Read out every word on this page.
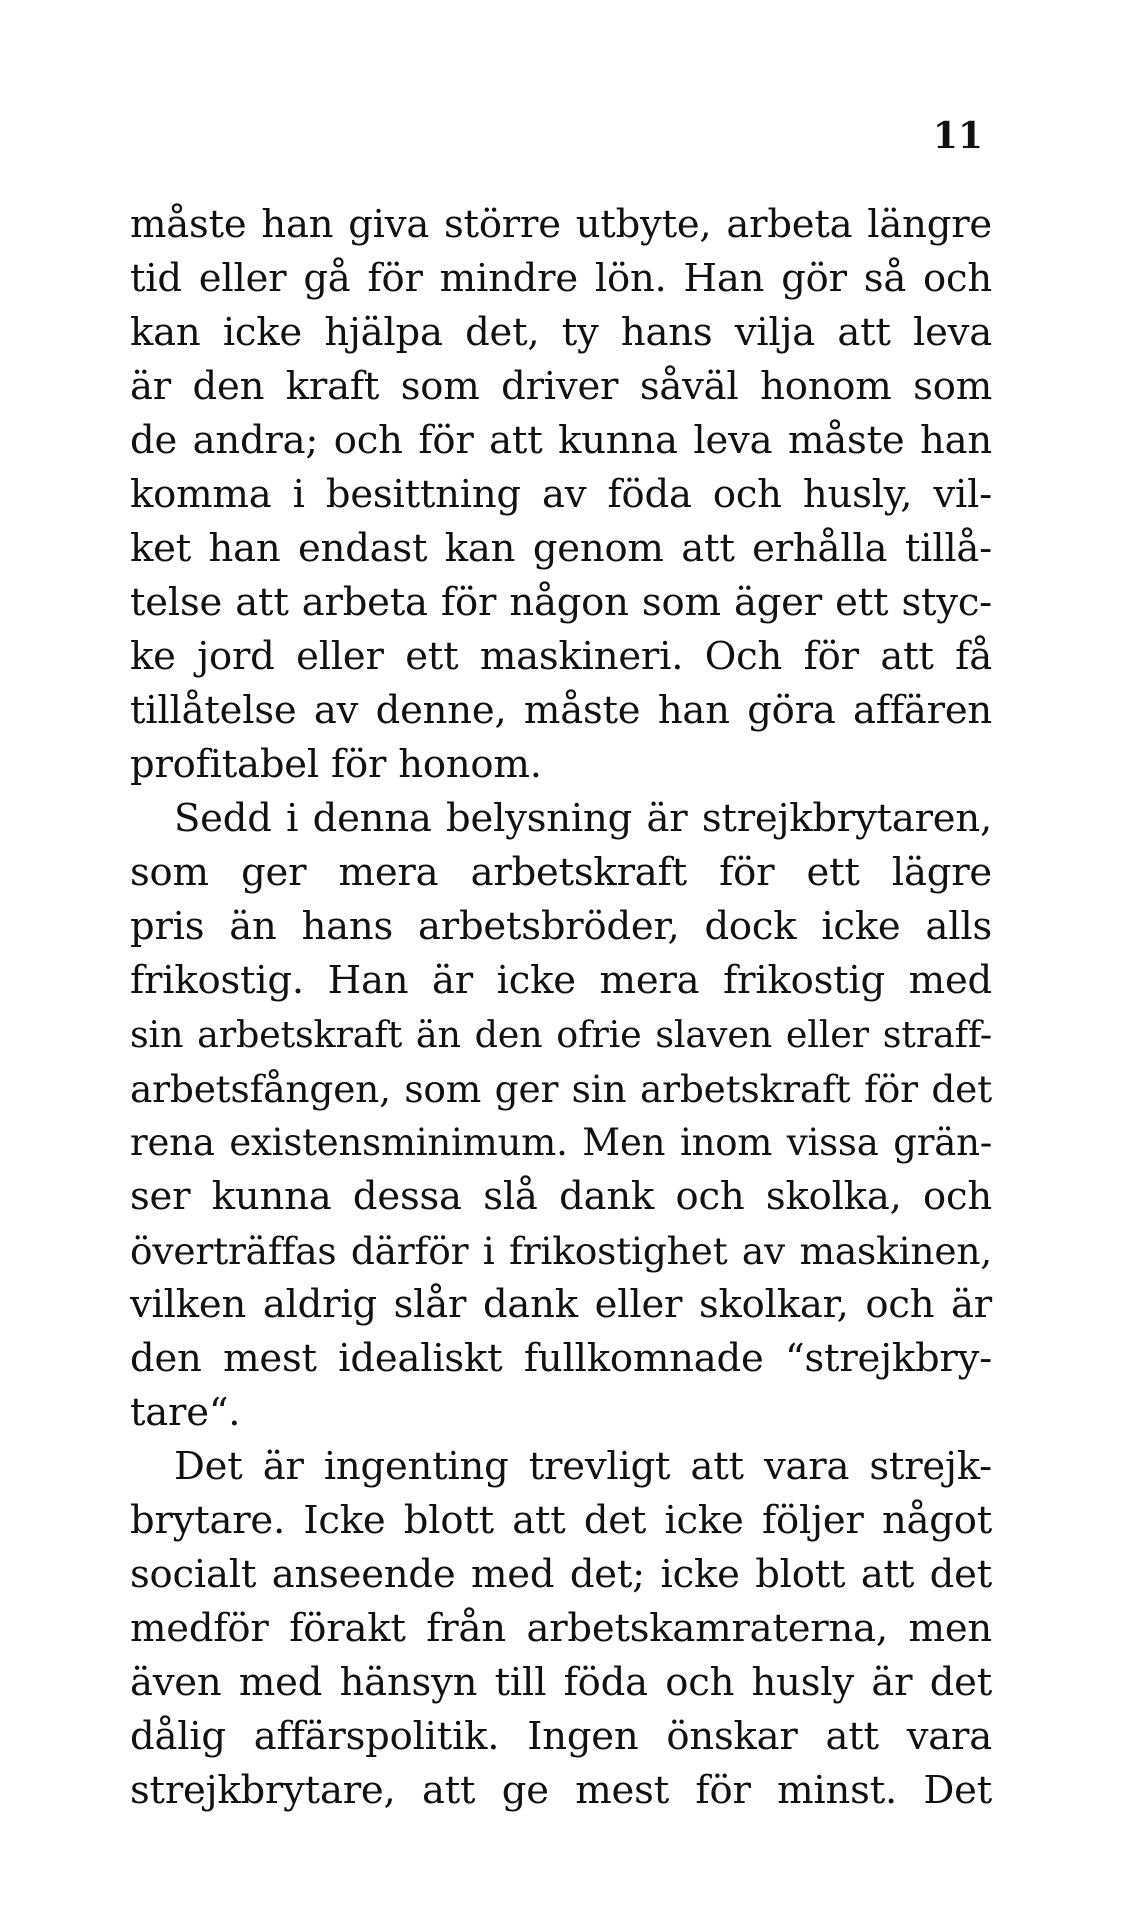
11
måste han giva större utbyte, arbeta längre
tid eller gå för mindre lön. Han gör så och
kan icke hjälpa det, ty hans vilja att leva
är den kraft som driver såväl honom som
de andra; och för att kunna leva måste han
komma i besittning av föda och husly, vil-
ket han endast kan genom att erhålla tillå-
telse att arbeta för någon som äger ett styc-
ke jord eller ett maskineri. Och för att få
tillåtelse av denne, måste han göra affären
profitabel för honom.
Sedd i denna belysning är strejkbrytaren,
som ger mera arbetskraft för ett lägre
pris än hans arbetsbröder, dock icke alls
frikostig. Han är icke mera frikostig med
sin arbetskraft än den ofrie slaven eller straff-
arbetsfången, som ger sin arbetskraft för det
rena existensminimum. Men inom vissa grän-
ser kunna dessa slå dank och skolka, och
överträffas därför i frikostighet av maskinen,
vilken aldrig slår dank eller skolkar, och är
den mest idealiskt fullkomnade “strejkbry-
tare“.
Det är ingenting trevligt att vara strejk-
brytare. Icke blott att det icke följer något
socialt anseende med det; icke blott att det
medför förakt från arbetskamraterna, men
även med hänsyn till föda och husly är det
dålig affärspolitik. Ingen önskar att vara
strejkbrytare, att ge mest för minst. Det
